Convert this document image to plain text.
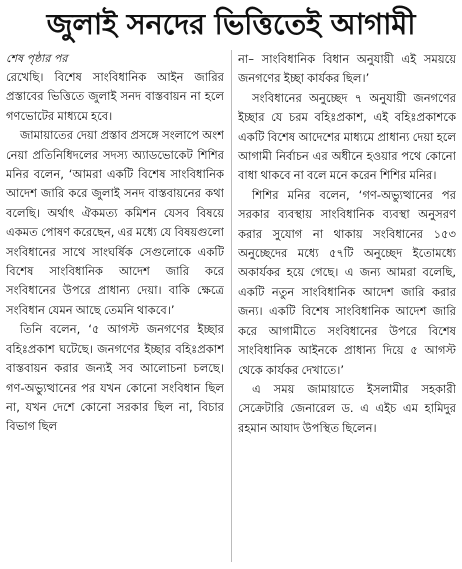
জুলাই সনদের ভিত্তিতেই আগামী
শেষ পৃষ্ঠার পর

রেখেছি। বিশেষ সাংবিধানিক আইন জারির প্রস্তাবের ভিত্তিতে জুলাই সনদ বাস্তবায়ন না হলে গণভোটের মাধ্যমে হবে।

জামায়াতের দেয়া প্রস্তাব প্রসঙ্গে সংলাপে অংশ নেয়া প্রতিনিধিদলের সদস্য অ্যাডভোকেট শিশির মনির বলেন, ‘আমরা একটি বিশেষ সাংবিধানিক আদেশ জারি করে জুলাই সনদ বাস্তবায়নের কথা বলেছি। অর্থাৎ ঐকমত্য কমিশন যেসব বিষয়ে একমত পোষণ করেছেন, এর মধ্যে যে বিষয়গুলো সংবিধানের সাথে সাংঘর্ষিক সেগুলোকে একটি বিশেষ সাংবিধানিক আদেশ জারি করে সংবিধানের উপরে প্রাধান্য দেয়া। বাকি ক্ষেত্রে সংবিধান যেমন আছে তেমনি থাকবে।’

তিনি বলেন, ‘৫ আগস্ট জনগণের ইচ্ছার বহিঃপ্রকাশ ঘটেছে। জনগণের ইচ্ছার বহিঃপ্রকাশ বাস্তবায়ন করার জন্যই সব আলোচনা চলছে। গণ-অভ্যুত্থানের পর যখন কোনো সংবিধান ছিল না, যখন দেশে কোনো সরকার ছিল না, বিচার বিভাগ ছিল

না– সাংবিধানিক বিধান অনুযায়ী এই সময়য়ে জনগণের ইচ্ছা কার্যকর ছিল।’

সংবিধানের অনুচ্ছেদ ৭ অনুযায়ী জনগণের ইচ্ছার যে চরম বহিঃপ্রকাশ, এই বহিঃপ্রকাশকে একটি বিশেষ আদেশের মাধ্যমে প্রাধান্য দেয়া হলে আগামী নির্বাচন এর অধীনে হওয়ার পথে কোনো বাধা থাকবে না বলে মনে করেন শিশির মনির।

শিশির মনির বলেন, ‘গণ-অভ্যুত্থানের পর সরকার ব্যবস্থায় সাংবিধানিক ব্যবস্থা অনুসরণ করার সুযোগ না থাকায় সংবিধানের ১৫৩ অনুচ্ছেদের মধ্যে ৫৭টি অনুচ্ছেদ ইতোমধ্যে অকার্যকর হয়ে গেছে। এ জন্য আমরা বলেছি, একটি নতুন সাংবিধানিক আদেশ জারি করার জন্য। একটি বিশেষ সাংবিধানিক আদেশ জারি করে আগামীতে সংবিধানের উপরে বিশেষ সাংবিধানিক আইনকে প্রাধান্য দিয়ে ৫ আগস্ট থেকে কার্যকর দেখাতে।’

এ সময় জামায়াতে ইসলামীর সহকারী সেক্রেটারি জেনারেল ড. এ এইচ এম হামিদুর রহমান আযাদ উপস্থিত ছিলেন।
